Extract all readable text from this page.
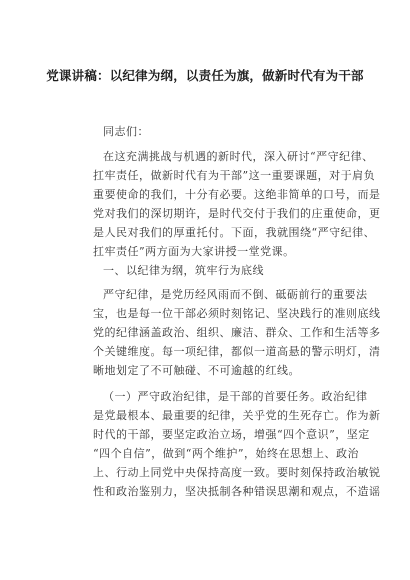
党课讲稿：以纪律为纲，以责任为旗，做新时代有为干部
同志们：
在这充满挑战与机遇的新时代，深入研讨“严守纪律、
扛牢责任，做新时代有为干部”这一重要课题，对于肩负
重要使命的我们，十分有必要。这绝非简单的口号，而是
党对我们的深切期许，是时代交付于我们的庄重使命，更
是人民对我们的厚重托付。下面，我就围绕“严守纪律、
扛牢责任”两方面为大家讲授一堂党课。
一、以纪律为纲，筑牢行为底线
严守纪律，是党历经风雨而不倒、砥砺前行的重要法
宝，也是每一位干部必须时刻铭记、坚决践行的准则底线
党的纪律涵盖政治、组织、廉洁、群众、工作和生活等多
个关键维度。每一项纪律，都似一道高悬的警示明灯，清
晰地划定了不可触碰、不可逾越的红线。
（一）严守政治纪律，是干部的首要任务。政治纪律
是党最根本、最重要的纪律，关乎党的生死存亡。作为新
时代的干部，要坚定政治立场，增强“四个意识”，坚定
“四个自信”，做到“两个维护”，始终在思想上、政治
上、行动上同党中央保持高度一致。要时刻保持政治敏锐
性和政治鉴别力，坚决抵制各种错误思潮和观点，不造谣
